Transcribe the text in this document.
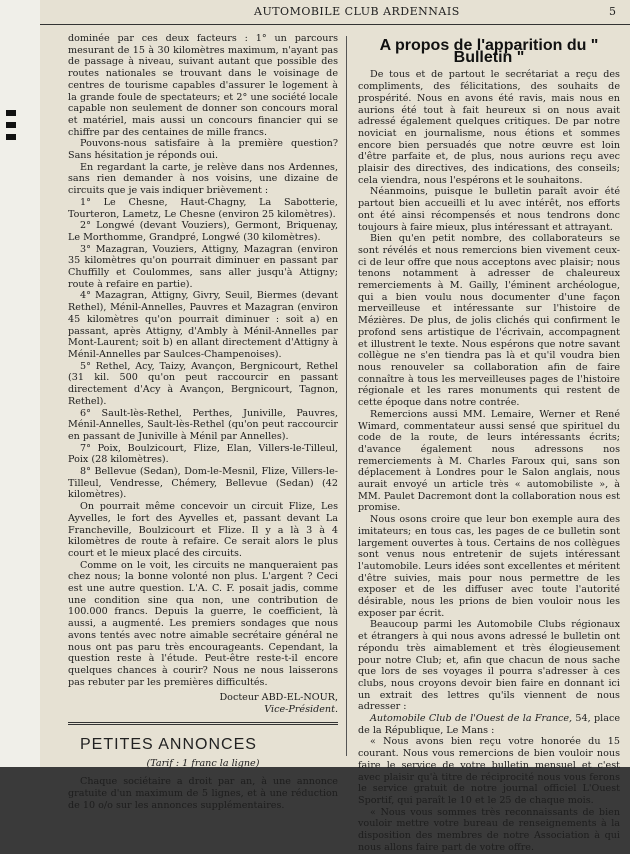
AUTOMOBILE CLUB ARDENNAIS	5

dominée par ces deux facteurs : 1° un parcours mesurant de 15 à 30 kilomètres maximum, n'ayant pas de passage à niveau, suivant autant que possible des routes nationales se trouvant dans le voisinage de centres de tourisme capables d'assurer le logement à la grande foule de spectateurs; et 2° une société locale capable non seulement de donner son concours moral et matériel, mais aussi un concours financier qui se chiffre par des centaines de mille francs.

Pouvons-nous satisfaire à la première question? Sans hésitation je réponds oui.

En regardant la carte, je relève dans nos Ardennes, sans rien demander à nos voisins, une dizaine de circuits que je vais indiquer brièvement :

1° Le Chesne, Haut-Chagny, La Sabotterie, Tourteron, Lametz, Le Chesne (environ 25 kilomètres).

2° Longwé (devant Vouziers), Germont, Briquenay, Le Morthomme, Grandpré, Longwé (30 kilomètres).

3° Mazagran, Vouziers, Attigny, Mazagran (environ 35 kilomètres qu'on pourrait diminuer en passant par Chuffilly et Coulommes, sans aller jusqu'à Attigny; route à refaire en partie).

4° Mazagran, Attigny, Givry, Seuil, Biermes (devant Rethel), Ménil-Annelles, Pauvres et Mazagran (environ 45 kilomètres qu'on pourrait diminuer : soit a) en passant, après Attigny, d'Ambly à Ménil-Annelles par Mont-Laurent; soit b) en allant directement d'Attigny à Ménil-Annelles par Saulces-Champenoises).

5° Rethel, Acy, Taizy, Avançon, Bergnicourt, Rethel (31 kil. 500 qu'on peut raccourcir en passant directement d'Acy à Avançon, Bergnicourt, Tagnon, Rethel).

6° Sault-lès-Rethel, Perthes, Juniville, Pauvres, Ménil-Annelles, Sault-lès-Rethel (qu'on peut raccourcir en passant de Juniville à Ménil par Annelles).

7° Poix, Boulzicourt, Flize, Elan, Villers-le-Tilleul, Poix (28 kilomètres).

8° Bellevue (Sedan), Dom-le-Mesnil, Flize, Villers-le-Tilleul, Vendresse, Chémery, Bellevue (Sedan) (42 kilomètres).

On pourrait même concevoir un circuit Flize, Les Ayvelles, le fort des Ayvelles et, passant devant La Francheville, Boulzicourt et Flize. Il y a là 3 à 4 kilomètres de route à refaire. Ce serait alors le plus court et le mieux placé des circuits.

Comme on le voit, les circuits ne manqueraient pas chez nous; la bonne volonté non plus. L'argent ? Ceci est une autre question. L'A. C. F. posait jadis, comme une condition sine qua non, une contribution de 100.000 francs. Depuis la guerre, le coefficient, là aussi, a augmenté. Les premiers sondages que nous avons tentés avec notre aimable secrétaire général ne nous ont pas paru très encourageants. Cependant, la question reste à l'étude. Peut-être reste-t-il encore quelques chances à courir? Nous ne nous laisserons pas rebuter par les premières difficultés.

Docteur ABD-EL-NOUR,
Vice-Président.
PETITES ANNONCES
(Tarif : 1 franc la ligne)

Chaque sociétaire a droit par an, à une annonce gratuite d'un maximum de 5 lignes, et à une réduction de 10 o/o sur les annonces supplémentaires.

A propos de l'apparition du " Bulletin "

De tous et de partout le secrétariat a reçu des compliments, des félicitations, des souhaits de prospérité. Nous en avons été ravis, mais nous en aurions été tout à fait heureux si on nous avait adressé également quelques critiques. De par notre noviciat en journalisme, nous étions et sommes encore bien persuadés que notre œuvre est loin d'être parfaite et, de plus, nous aurions reçu avec plaisir des directives, des indications, des conseils; cela viendra, nous l'espérons et le souhaitons.

Néanmoins, puisque le bulletin paraît avoir été partout bien accueilli et lu avec intérêt, nos efforts ont été ainsi récompensés et nous tendrons donc toujours à faire mieux, plus intéressant et attrayant.

Bien qu'en petit nombre, des collaborateurs se sont révélés et nous remercions bien vivement ceux-ci de leur offre que nous acceptons avec plaisir; nous tenons notamment à adresser de chaleureux remerciements à M. Gailly, l'éminent archéologue, qui a bien voulu nous documenter d'une façon merveilleuse et intéressante sur l'histoire de Mézières. De plus, de jolis clichés qui confirment le profond sens artistique de l'écrivain, accompagnent et illustrent le texte. Nous espérons que notre savant collègue ne s'en tiendra pas là et qu'il voudra bien nous renouveler sa collaboration afin de faire connaître à tous les merveilleuses pages de l'histoire régionale et les rares monuments qui restent de cette époque dans notre contrée.

Remercions aussi MM. Lemaire, Werner et René Wimard, commentateur aussi sensé que spirituel du code de la route, de leurs intéressants écrits; d'avance également nous adressons nos remerciements à M. Charles Faroux qui, sans son déplacement à Londres pour le Salon anglais, nous aurait envoyé un article très « automobiliste », à MM. Paulet Dacremont dont la collaboration nous est promise.

Nous osons croire que leur bon exemple aura des imitateurs; en tous cas, les pages de ce bulletin sont largement ouvertes à tous. Certains de nos collègues sont venus nous entretenir de sujets intéressant l'automobile. Leurs idées sont excellentes et méritent d'être suivies, mais pour nous permettre de les exposer et de les diffuser avec toute l'autorité désirable, nous les prions de bien vouloir nous les exposer par écrit.

Beaucoup parmi les Automobile Clubs régionaux et étrangers à qui nous avons adressé le bulletin ont répondu très aimablement et très élogieusement pour notre Club; et, afin que chacun de nous sache que lors de ses voyages il pourra s'adresser à ces clubs, nous croyons devoir bien faire en donnant ici un extrait des lettres qu'ils viennent de nous adresser :

Automobile Club de l'Ouest de la France, 54, place de la République, Le Mans :

« Nous avons bien reçu votre honorée du 15 courant. Nous vous remercions de bien vouloir nous faire le service de votre bulletin mensuel et c'est avec plaisir qu'à titre de réciprocité nous vous ferons le service gratuit de notre journal officiel L'Ouest Sportif, qui paraît le 10 et le 25 de chaque mois.

« Nous vous sommes très reconnaissants de bien vouloir mettre votre bureau de renseignements à la disposition des membres de notre Association à qui nous allons faire part de votre offre.
